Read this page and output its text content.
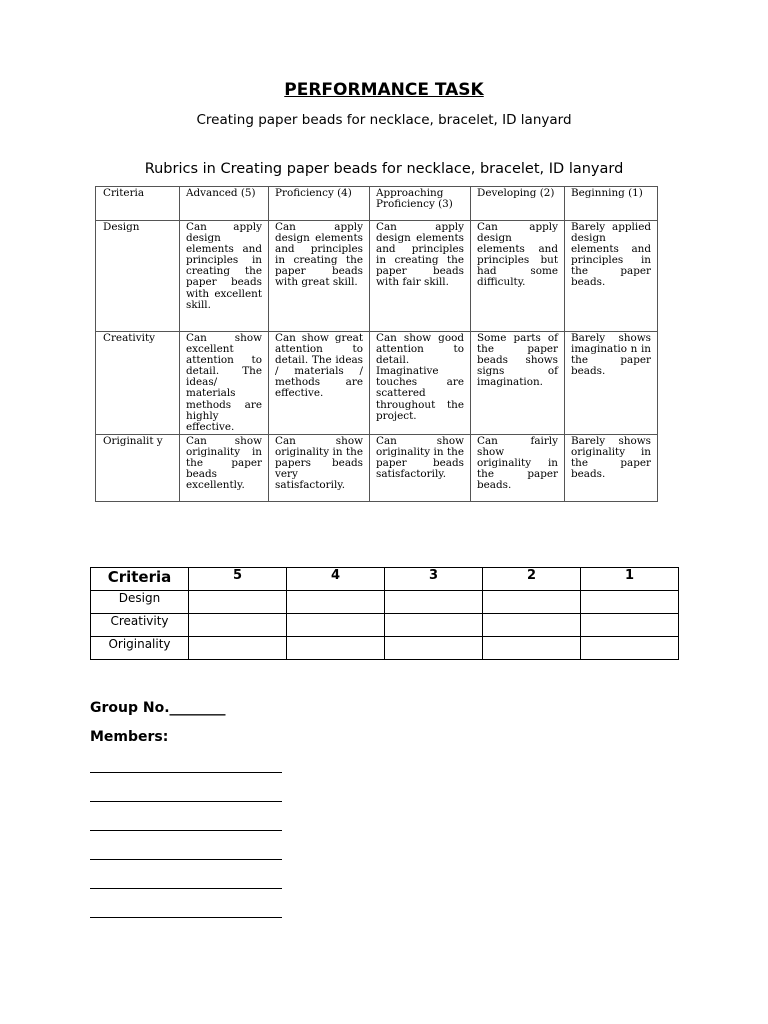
PERFORMANCE TASK
Creating paper beads for necklace, bracelet, ID lanyard
Rubrics in Creating paper beads for necklace, bracelet, ID lanyard
Criteria	Advanced (5)	Proficiency (4)	Approaching Proficiency (3)	Developing (2)	Beginning (1)
Design	Can apply design elements and principles in creating the paper beads with excellent skill.	Can apply design elements and principles in creating the paper beads with great skill.	Can apply design elements and principles in creating the paper beads with fair skill.	Can apply design elements and principles but had some difficulty.	Barely applied design elements and principles in the paper beads.
Creativity	Can show excellent attention to detail. The ideas/ materials methods are highly effective.	Can show great attention to detail. The ideas / materials / methods are effective.	Can show good attention to detail. Imaginative touches are scattered throughout the project.	Some parts of the paper beads shows signs of imagination.	Barely shows imaginatio n in the paper beads.
Originalit y	Can show originality in the paper beads excellently.	Can show originality in the papers beads very satisfactorily.	Can show originality in the paper beads satisfactorily.	Can fairly show originality in the paper beads.	Barely shows originality in the paper beads.
Criteria	5	4	3	2	1
Design					
Creativity					
Originality					
Group No.________
Members:
